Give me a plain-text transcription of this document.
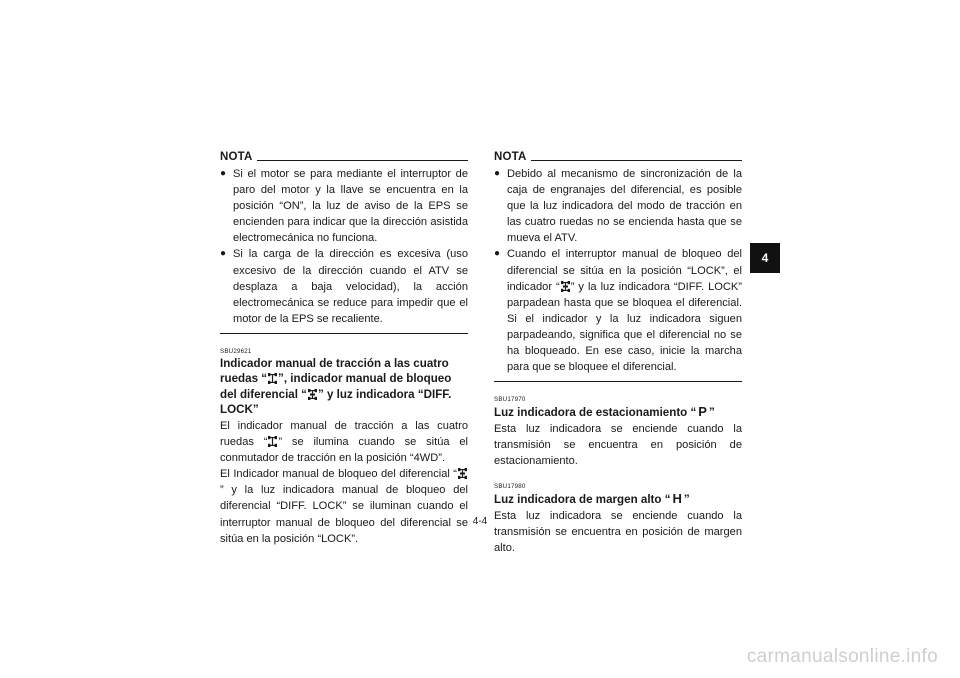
NOTA
● Si el motor se para mediante el interruptor de paro del motor y la llave se encuentra en la posición “ON”, la luz de aviso de la EPS se encienden para indicar que la dirección asistida electromecánica no funciona.
● Si la carga de la dirección es excesiva (uso excesivo de la dirección cuando el ATV se desplaza a baja velocidad), la acción electromecánica se reduce para impedir que el motor de la EPS se recaliente.
SBU29621
Indicador manual de tracción a las cuatro ruedas “ ”, indicador manual de bloqueo del diferencial “ ” y luz indicadora “DIFF. LOCK”
El indicador manual de tracción a las cuatro ruedas “ ” se ilumina cuando se sitúa el conmutador de tracción en la posición “4WD”.
El Indicador manual de bloqueo del diferencial “
” y la luz indicadora manual de bloqueo del diferencial “DIFF. LOCK” se iluminan cuando el interruptor manual de bloqueo del diferencial se sitúa en la posición “LOCK”.
NOTA
● Debido al mecanismo de sincronización de la caja de engranajes del diferencial, es posible que la luz indicadora del modo de tracción en las cuatro ruedas no se encienda hasta que se mueva el ATV.
● Cuando el interruptor manual de bloqueo del diferencial se sitúa en la posición “LOCK”, el indicador “ ” y la luz indicadora “DIFF. LOCK” parpadean hasta que se bloquea el diferencial. Si el indicador y la luz indicadora siguen parpadeando, significa que el diferencial no se ha bloqueado. En ese caso, inicie la marcha para que se bloquee el diferencial.
SBU17970
Luz indicadora de estacionamiento “ P ”
Esta luz indicadora se enciende cuando la transmisión se encuentra en posición de estacionamiento.
SBU17980
Luz indicadora de margen alto “ H ”
Esta luz indicadora se enciende cuando la transmisión se encuentra en posición de margen alto.
4
4-4
carmanualsonline.info
